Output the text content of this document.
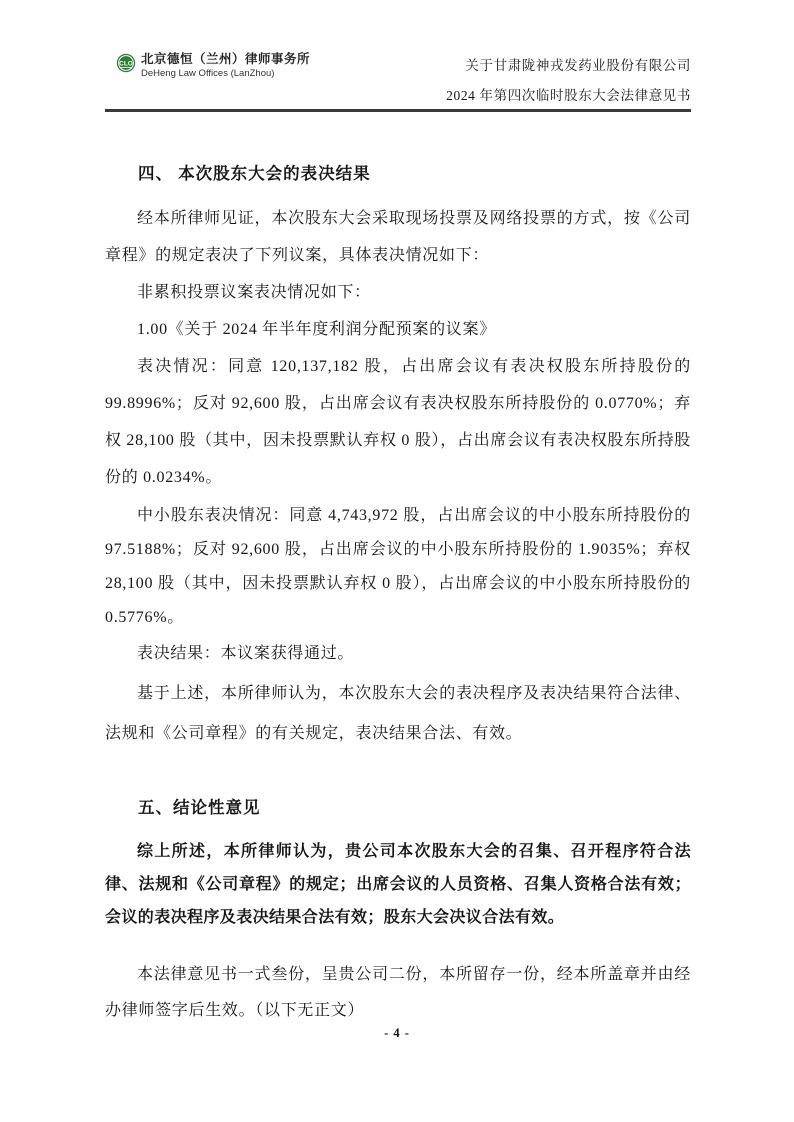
CLO 北京德恒（兰州）律师事务所
DeHeng Law Offices (LanZhou)
关于甘肃陇神戎发药业股份有限公司
2024 年第四次临时股东大会法律意见书
四、 本次股东大会的表决结果

经本所律师见证，本次股东大会采取现场投票及网络投票的方式，按《公司章程》的规定表决了下列议案，具体表决情况如下：

非累积投票议案表决情况如下：

1.00《关于 2024 年半年度利润分配预案的议案》

表决情况：同意 120,137,182 股，占出席会议有表决权股东所持股份的 99.8996%；反对 92,600 股，占出席会议有表决权股东所持股份的 0.0770%；弃权 28,100 股（其中，因未投票默认弃权 0 股），占出席会议有表决权股东所持股份的 0.0234%。

中小股东表决情况：同意 4,743,972 股，占出席会议的中小股东所持股份的 97.5188%；反对 92,600 股，占出席会议的中小股东所持股份的 1.9035%；弃权 28,100 股（其中，因未投票默认弃权 0 股），占出席会议的中小股东所持股份的 0.5776%。

表决结果：本议案获得通过。

基于上述，本所律师认为，本次股东大会的表决程序及表决结果符合法律、法规和《公司章程》的有关规定，表决结果合法、有效。

五、结论性意见

综上所述，本所律师认为，贵公司本次股东大会的召集、召开程序符合法律、法规和《公司章程》的规定；出席会议的人员资格、召集人资格合法有效；会议的表决程序及表决结果合法有效；股东大会决议合法有效。

本法律意见书一式叁份，呈贵公司二份，本所留存一份，经本所盖章并由经办律师签字后生效。（以下无正文）

- 4 -
